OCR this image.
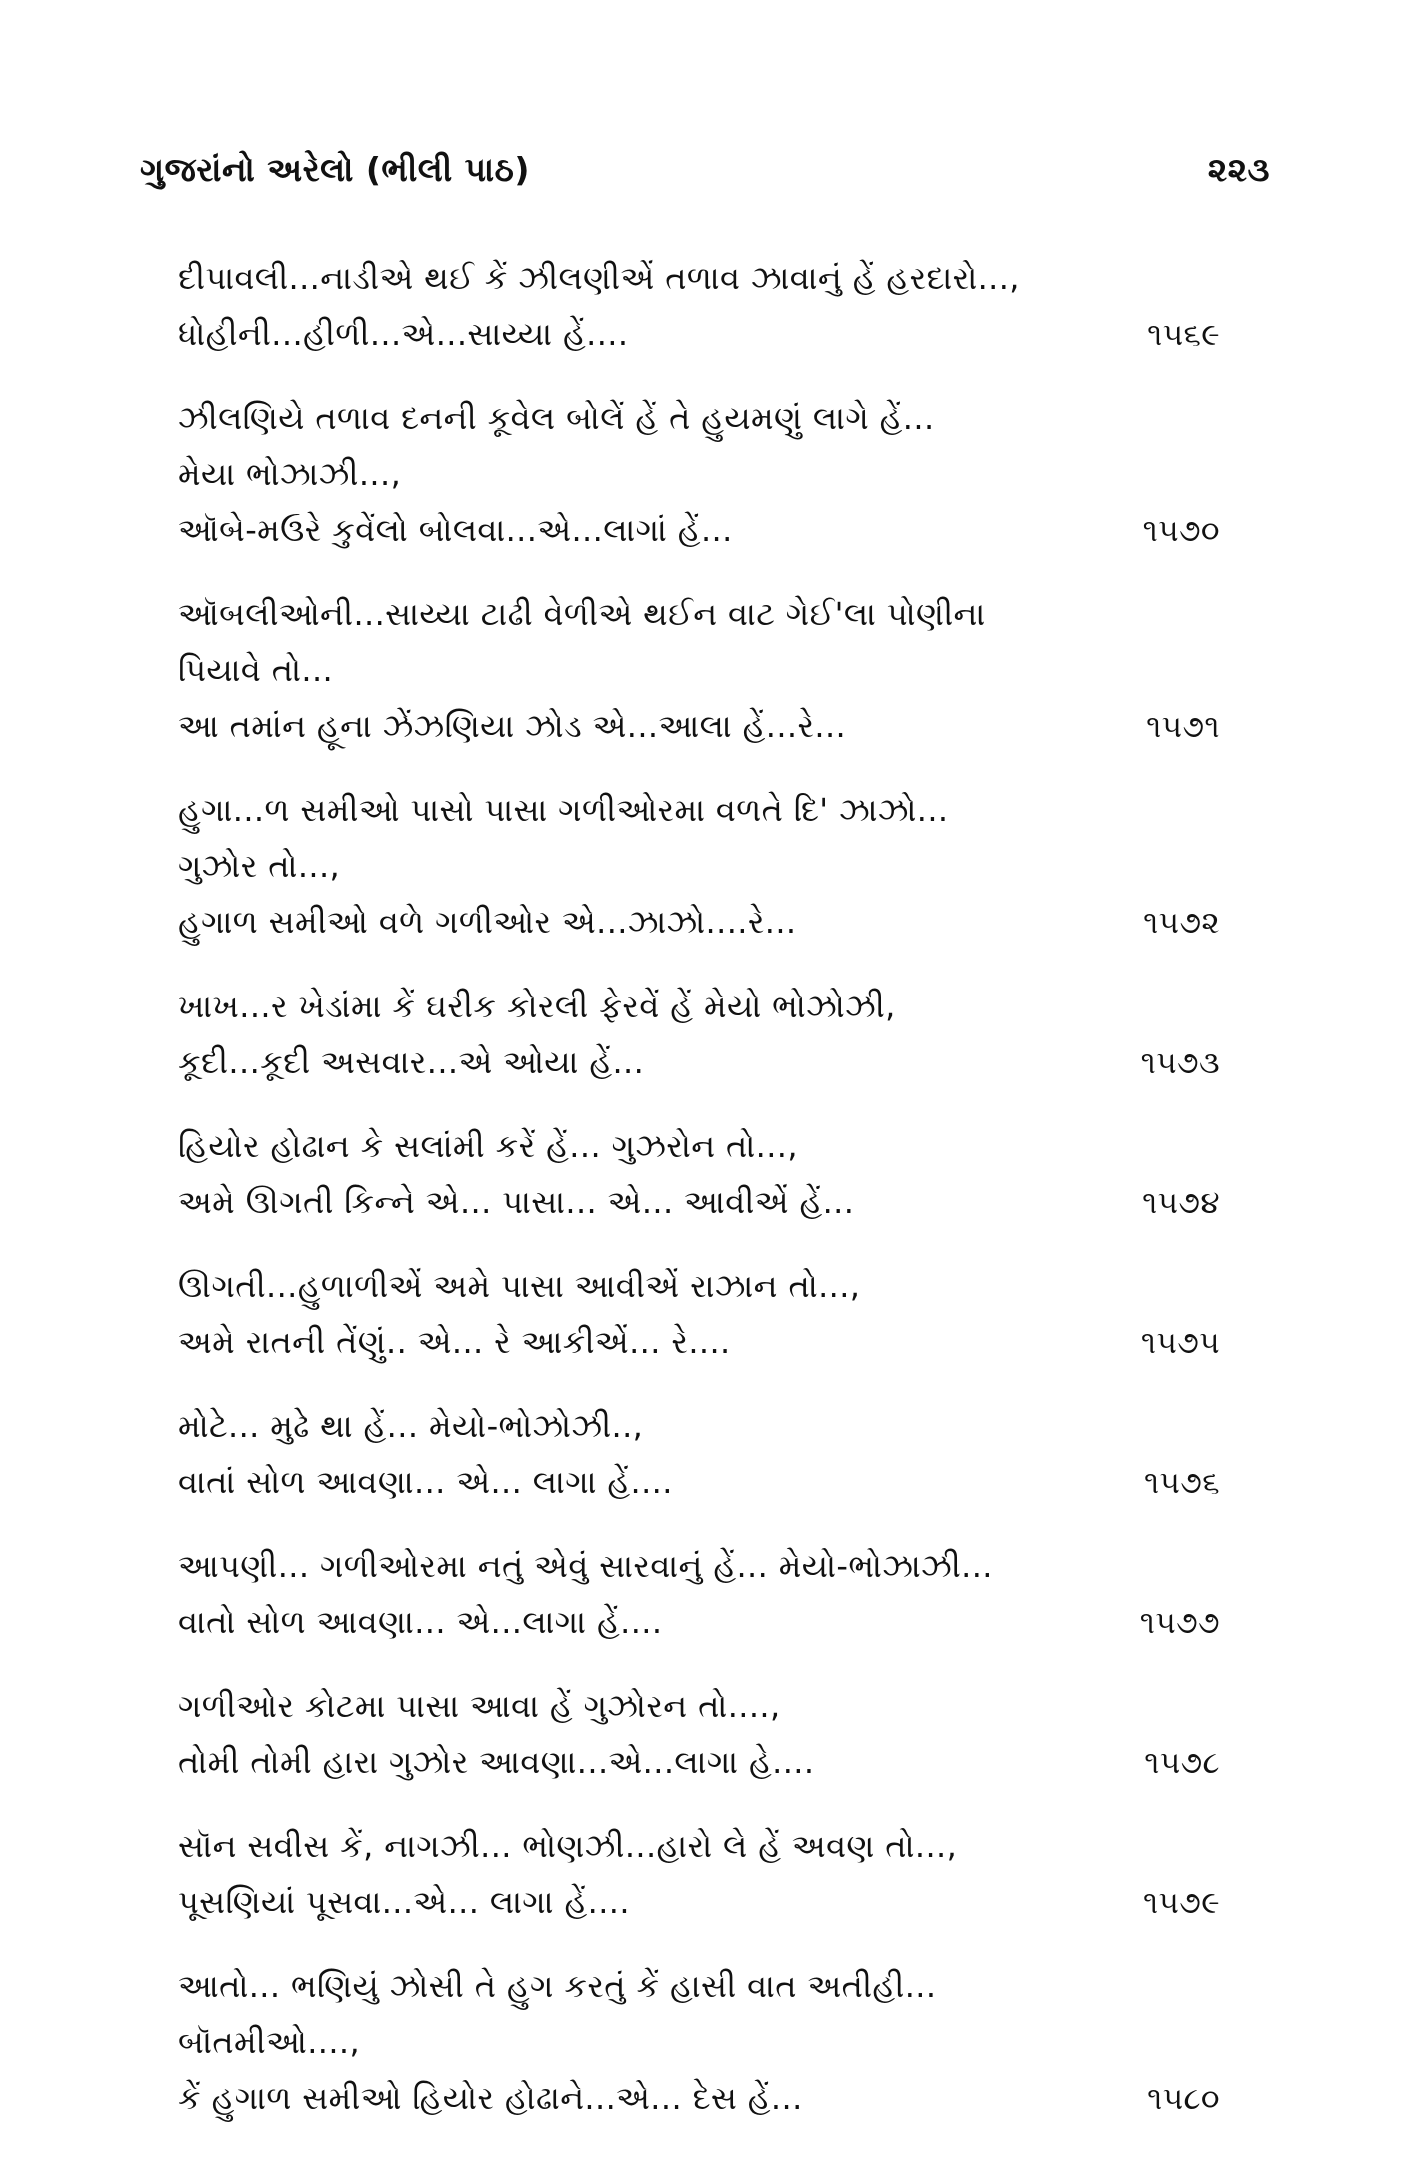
ગુજરાંનો અરેલો (ભીલી પાઠ)	૨૨૩
દીપાવલી...નાડીએ થઈ કેં ઝીલણીએં તળાવ ઝાવાનું હેં હરદારો...,
ધોહીની...હીળી...એ...સાય્યા હેં....	૧૫૬૯
ઝીલણિયે તળાવ દનની કૂવેલ બોલેં હેં તે હુયમણું લાગે હેં...
મેયા ભોઝાઝી...,
ઑબે-મઉરે કુવેંલો બોલવા...એ...લાગાં હેં...	૧૫૭૦
ઑબલીઓની...સાય્યા ટાઢી વેળીએ થઈન વાટ ગેઈ'લા પોણીના
પિયાવે તો...
આ તમાંન હૂના ઝેંઝણિયા ઝોડ એ...આલા હેં...રે...	૧૫૭૧
હુગા...ળ સમીઓ પાસો પાસા ગળીઓરમા વળતે દિ' ઝાઝો...
ગુઝોર તો...,
હુગાળ સમીઓ વળે ગળીઓર એ...ઝાઝો....રે...	૧૫૭૨
ખાખ...ર ખેડાંમા કેં ઘરીક કોરલી ફેરવેં હેં મેયો ભોઝોઝી,
કૂદી...કૂદી અસવાર...એ ઓયા હેં...	૧૫૭૩
હિયોર હોઢાન કે સલાંમી કરેં હેં... ગુઝરોન તો...,
અમે ઊગતી કિન્ને એ... પાસા... એ... આવીએં હેં...	૧૫૭૪
ઊગતી...હુળાળીએં અમે પાસા આવીએં રાઝાન તો...,
અમે રાતની તેંણું.. એ... રે આકીએં... રે....	૧૫૭૫
મોટે... મુઢે થા હેં... મેયો-ભોઝોઝી..,
વાતાં સોળ આવણા... એ... લાગા હેં....	૧૫૭૬
આપણી... ગળીઓરમા નતું એવું સારવાનું હેં... મેયો-ભોઝાઝી...
વાતો સોળ આવણા... એ...લાગા હેં....	૧૫૭૭
ગળીઓર કોટમા પાસા આવા હેં ગુઝોરન તો....,
તોમી તોમી હારા ગુઝોર આવણા...એ...લાગા હે....	૧૫૭૮
સૉન સવીસ કેં, નાગઝી... ભોણઝી...હારો લે હેં અવણ તો...,
પૂસણિયાં પૂસવા...એ... લાગા હેં....	૧૫૭૯
આતો... ભણિયું ઝોસી તે હુગ કરતું કેં હાસી વાત અતીહી...
બૉતમીઓ....,
કેં હુગાળ સમીઓ હિયોર હોઢાને...એ... દેસ હેં...	૧૫૮૦
